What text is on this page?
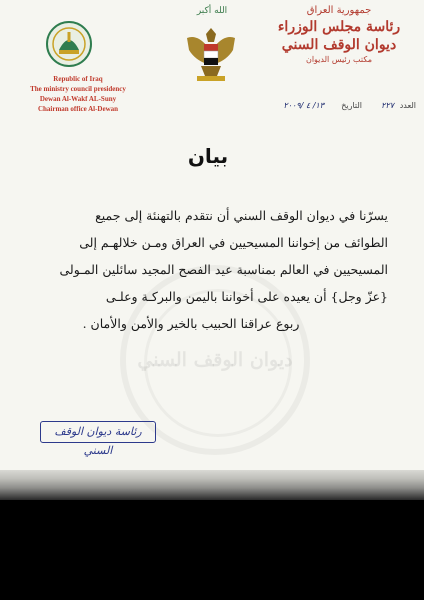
ديوان الوقف السني
الله أكبر
Republic of Iraq
The ministry council presidency
Dewan Al-Wakf AL-Suny
Chairman office Al-Dewan
جمهورية العراق
رئاسة مجلس الوزراء
ديوان الوقف السني
مكتب رئيس الديوان
العدد
٢٢٧
التاريخ
١٣/ ٤ /٢٠٠٩
بيان
يسرّنا في ديوان الوقف السني أن نتقدم بالتهنئة إلى جميع
الطوائف من إخواننا المسيحيين في العراق ومـن خلالهـم إلى
المسيحيين في العالم بمناسبة عيد الفصح المجيد سائلين المـولى
{عزّ وجل} أن يعيده على أخواننا باليمن والبركـة وعلـى
ربوع عراقنا الحبيب بالخير والأمن والأمان .
رئاسة ديوان الوقف السني
